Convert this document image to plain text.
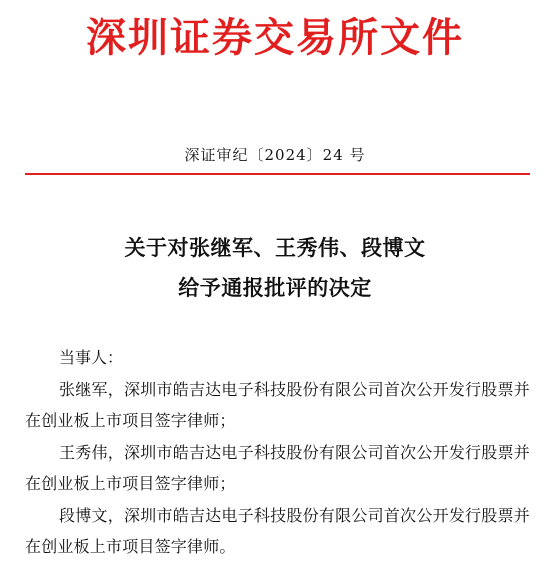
深圳证券交易所文件
深证审纪〔2024〕24 号
关于对张继军、王秀伟、段博文
给予通报批评的决定

当事人：

张继军，深圳市皓吉达电子科技股份有限公司首次公开发行股票并在创业板上市项目签字律师；

王秀伟，深圳市皓吉达电子科技股份有限公司首次公开发行股票并在创业板上市项目签字律师；

段博文，深圳市皓吉达电子科技股份有限公司首次公开发行股票并在创业板上市项目签字律师。
